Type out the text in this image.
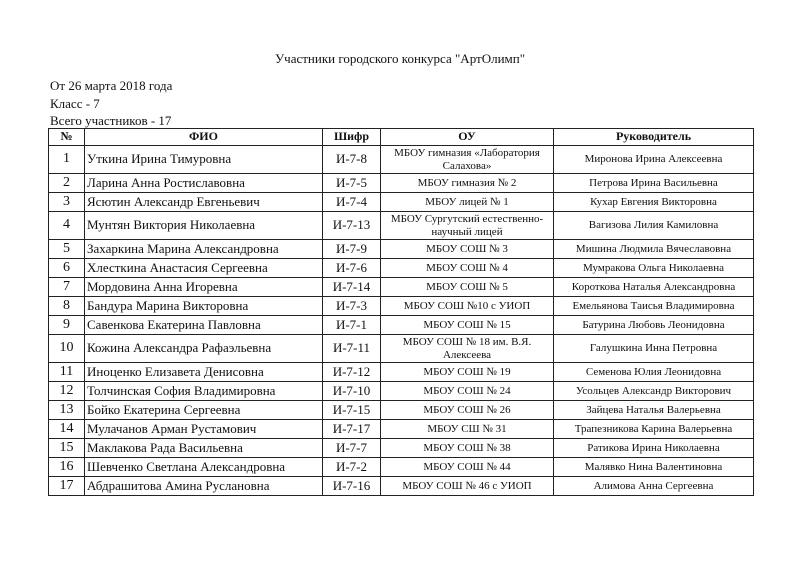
Участники городского конкурса "АртОлимп"
От 26 марта 2018 года
Класс - 7
Всего участников - 17
№	ФИО	Шифр	ОУ	Руководитель
1	Уткина Ирина Тимуровна	И-7-8	МБОУ гимназия «Лаборатория Салахова»	Миронова Ирина Алексеевна
2	Ларина Анна Ростиславовна	И-7-5	МБОУ гимназия № 2	Петрова Ирина Васильевна
3	Ясютин Александр Евгеньевич	И-7-4	МБОУ лицей № 1	Кухар Евгения Викторовна
4	Мунтян Виктория Николаевна	И-7-13	МБОУ Сургутский естественно-научный лицей	Вагизова Лилия Камиловна
5	Захаркина Марина Александровна	И-7-9	МБОУ СОШ № 3	Мишина Людмила Вячеславовна
6	Хлесткина Анастасия Сергеевна	И-7-6	МБОУ СОШ № 4	Мумракова Ольга Николаевна
7	Мордовина Анна Игоревна	И-7-14	МБОУ СОШ № 5	Короткова Наталья Александровна
8	Бандура Марина Викторовна	И-7-3	МБОУ СОШ №10 с УИОП	Емельянова Таисья Владимировна
9	Савенкова Екатерина Павловна	И-7-1	МБОУ СОШ № 15	Батурина Любовь Леонидовна
10	Кожина Александра Рафаэльевна	И-7-11	МБОУ СОШ № 18 им. В.Я. Алексеева	Галушкина Инна Петровна
11	Иноценко Елизавета Денисовна	И-7-12	МБОУ СОШ № 19	Семенова Юлия Леонидовна
12	Толчинская София Владимировна	И-7-10	МБОУ СОШ № 24	Усольцев Александр Викторович
13	Бойко Екатерина Сергеевна	И-7-15	МБОУ СОШ № 26	Зайцева Наталья Валерьевна
14	Мулачанов Арман Рустамович	И-7-17	МБОУ СШ № 31	Трапезникова Карина Валерьевна
15	Маклакова Рада Васильевна	И-7-7	МБОУ СОШ № 38	Ратикова Ирина Николаевна
16	Шевченко Светлана Александровна	И-7-2	МБОУ СОШ № 44	Малявко Нина Валентиновна
17	Абдрашитова Амина Руслановна	И-7-16	МБОУ СОШ № 46 с УИОП	Алимова Анна Сергеевна
